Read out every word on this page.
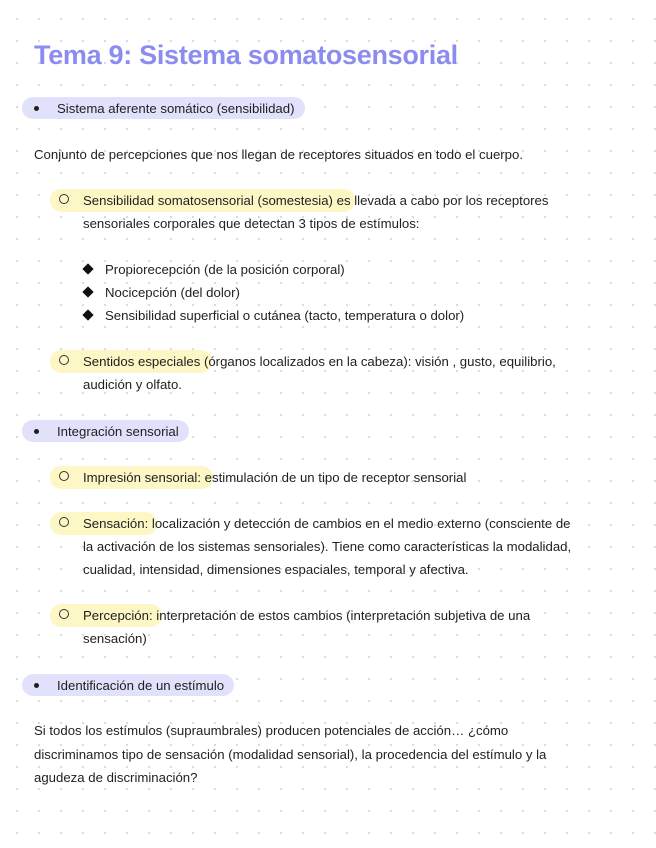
Tema 9: Sistema somatosensorial
Sistema aferente somático (sensibilidad)
Conjunto de percepciones que nos llegan de receptores situados en todo el cuerpo.
Sensibilidad somatosensorial (somestesia) es llevada a cabo por los receptores
sensoriales corporales que detectan 3 tipos de estímulos:
Propiorecepción (de la posición corporal)
Nocicepción (del dolor)
Sensibilidad superficial o cutánea (tacto, temperatura o dolor)
Sentidos especiales (órganos localizados en la cabeza): visión , gusto, equilibrio,
audición y olfato.
Integración sensorial
Impresión sensorial: estimulación de un tipo de receptor sensorial
Sensación: localización y detección de cambios en el medio externo (consciente de
la activación de los sistemas sensoriales). Tiene como características la modalidad,
cualidad, intensidad, dimensiones espaciales, temporal y afectiva.
Percepción: interpretación de estos cambios (interpretación subjetiva de una
sensación)
Identificación de un estímulo
Si todos los estímulos (supraumbrales) producen potenciales de acción… ¿cómo
discriminamos tipo de sensación (modalidad sensorial), la procedencia del estímulo y la
agudeza de discriminación?
